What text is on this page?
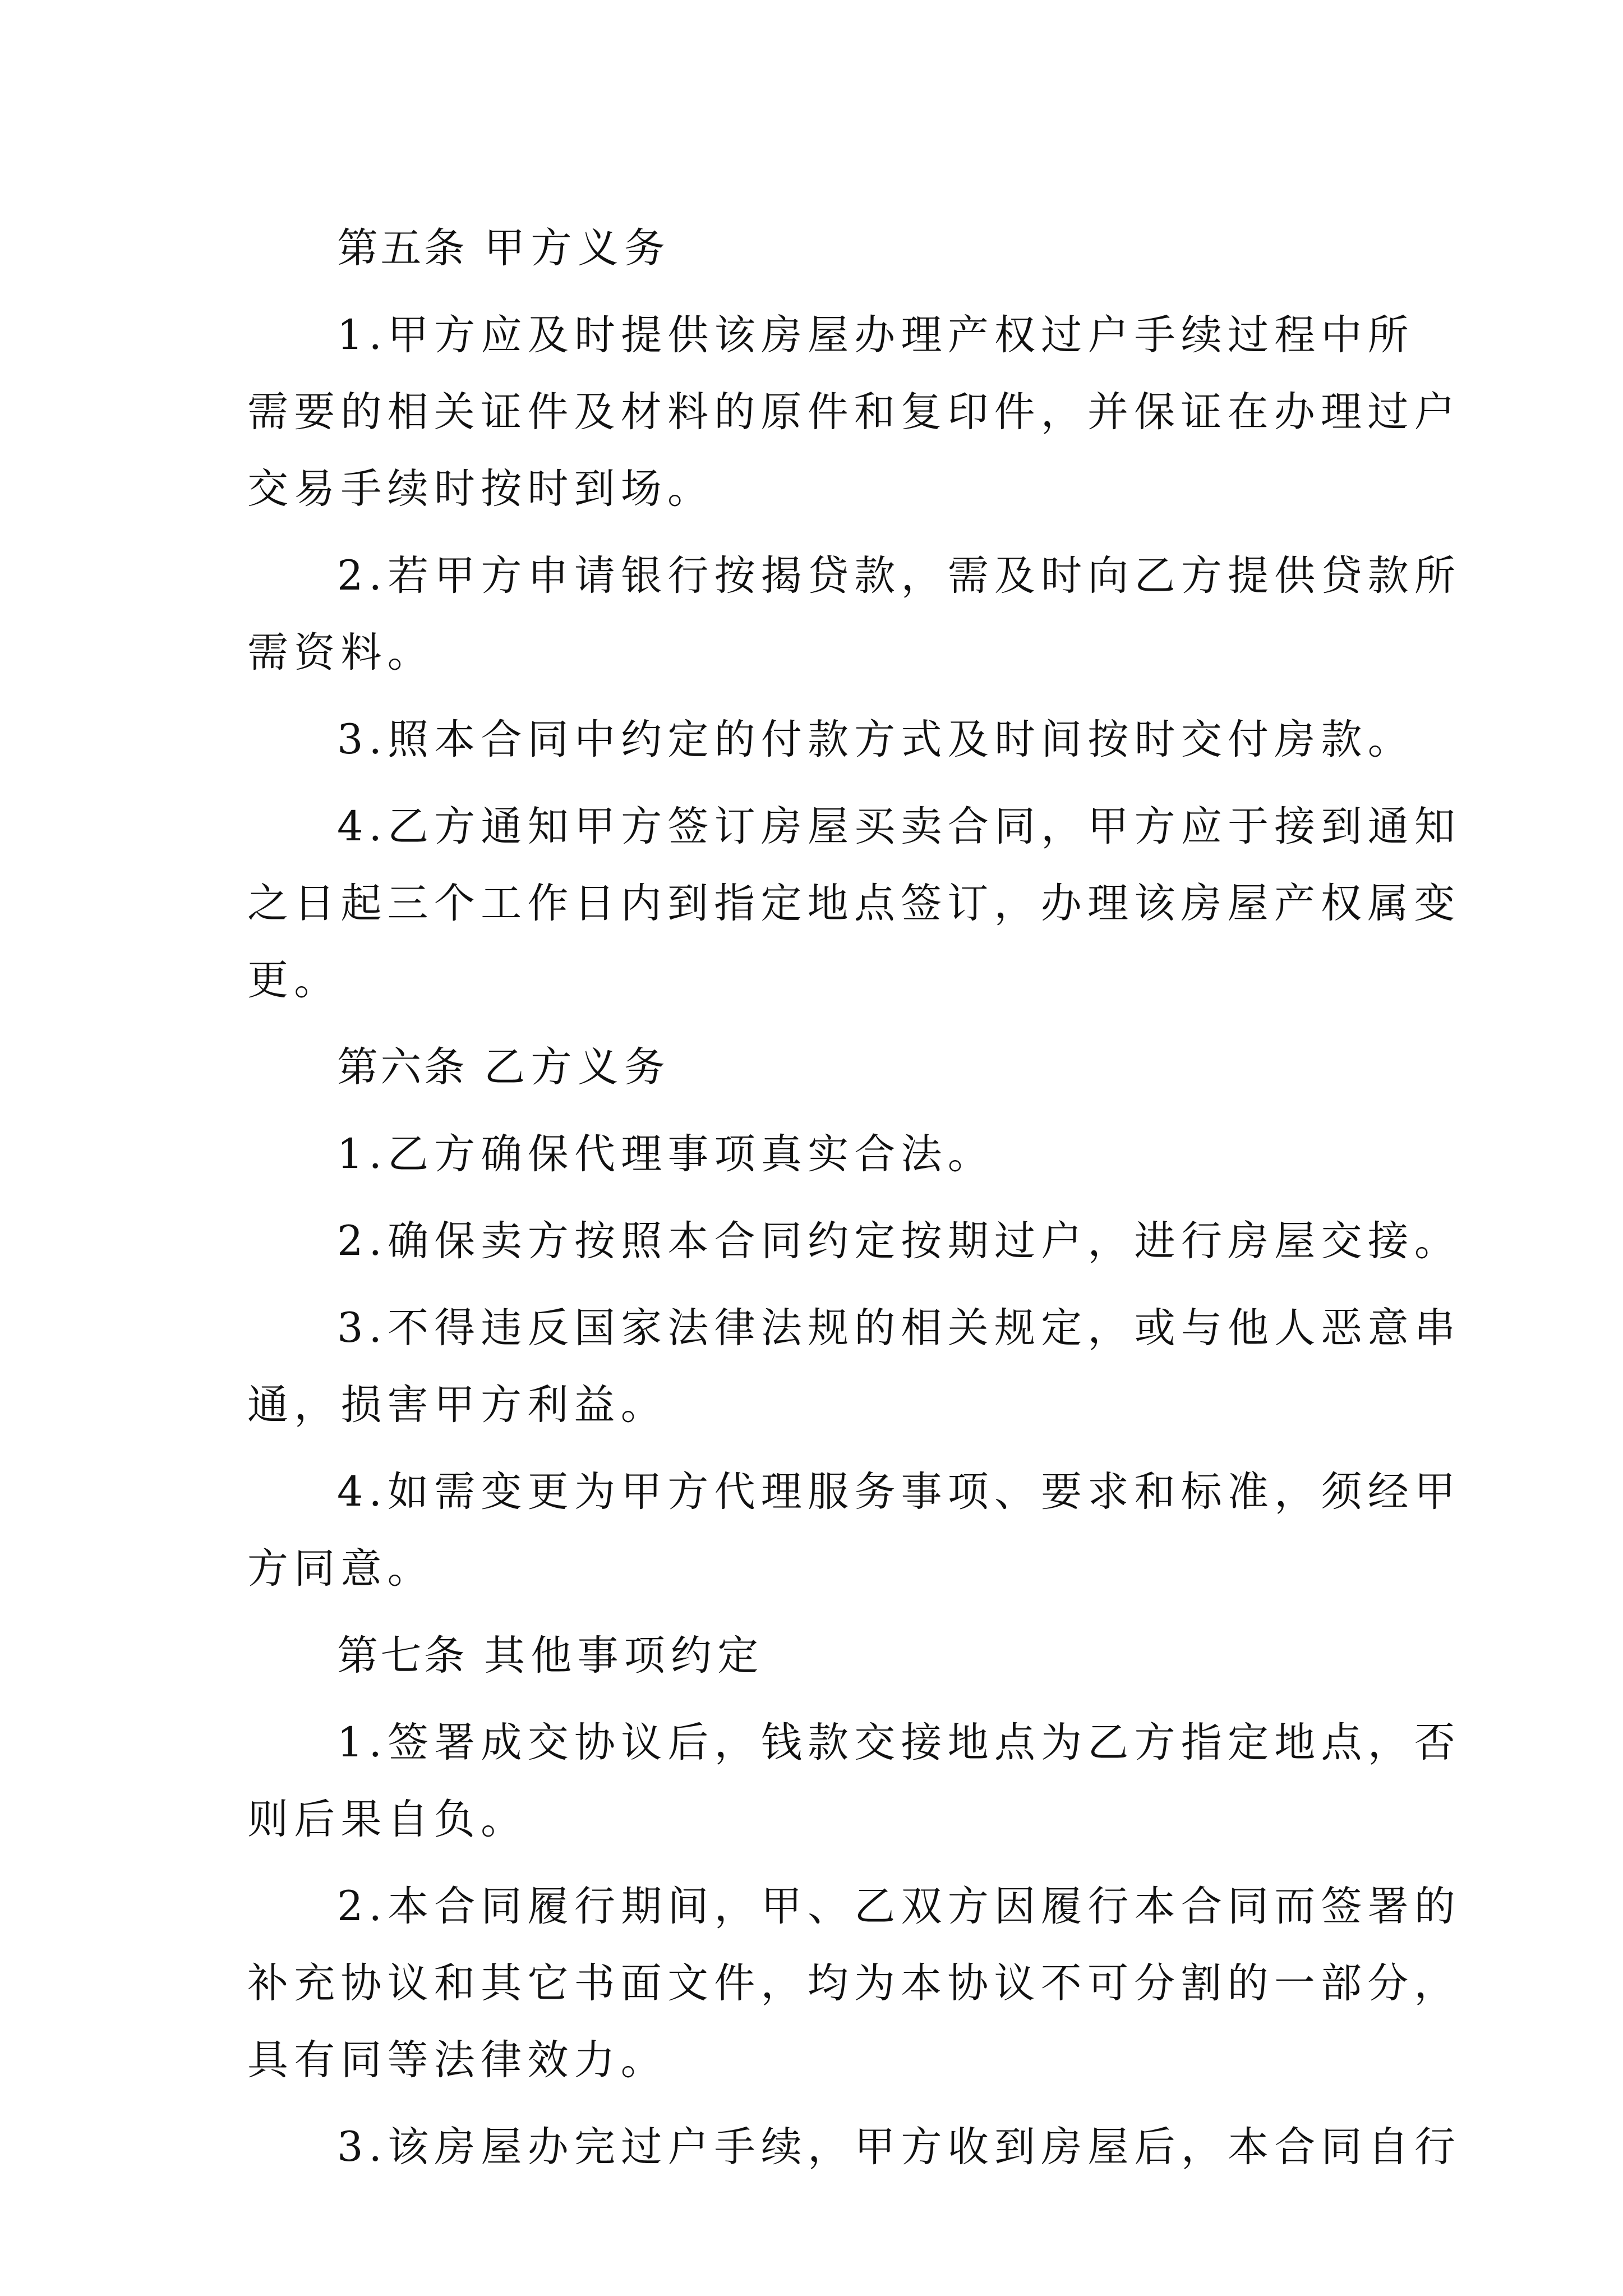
第五条 甲方义务
1.甲方应及时提供该房屋办理产权过户手续过程中所
需要的相关证件及材料的原件和复印件，并保证在办理过户
交易手续时按时到场。
2.若甲方申请银行按揭贷款，需及时向乙方提供贷款所
需资料。
3.照本合同中约定的付款方式及时间按时交付房款。
4.乙方通知甲方签订房屋买卖合同，甲方应于接到通知
之日起三个工作日内到指定地点签订，办理该房屋产权属变
更。
第六条 乙方义务
1.乙方确保代理事项真实合法。
2.确保卖方按照本合同约定按期过户，进行房屋交接。
3.不得违反国家法律法规的相关规定，或与他人恶意串
通，损害甲方利益。
4.如需变更为甲方代理服务事项、要求和标准，须经甲
方同意。
第七条 其他事项约定
1.签署成交协议后，钱款交接地点为乙方指定地点，否
则后果自负。
2.本合同履行期间，甲、乙双方因履行本合同而签署的
补充协议和其它书面文件，均为本协议不可分割的一部分，
具有同等法律效力。
3.该房屋办完过户手续，甲方收到房屋后，本合同自行
